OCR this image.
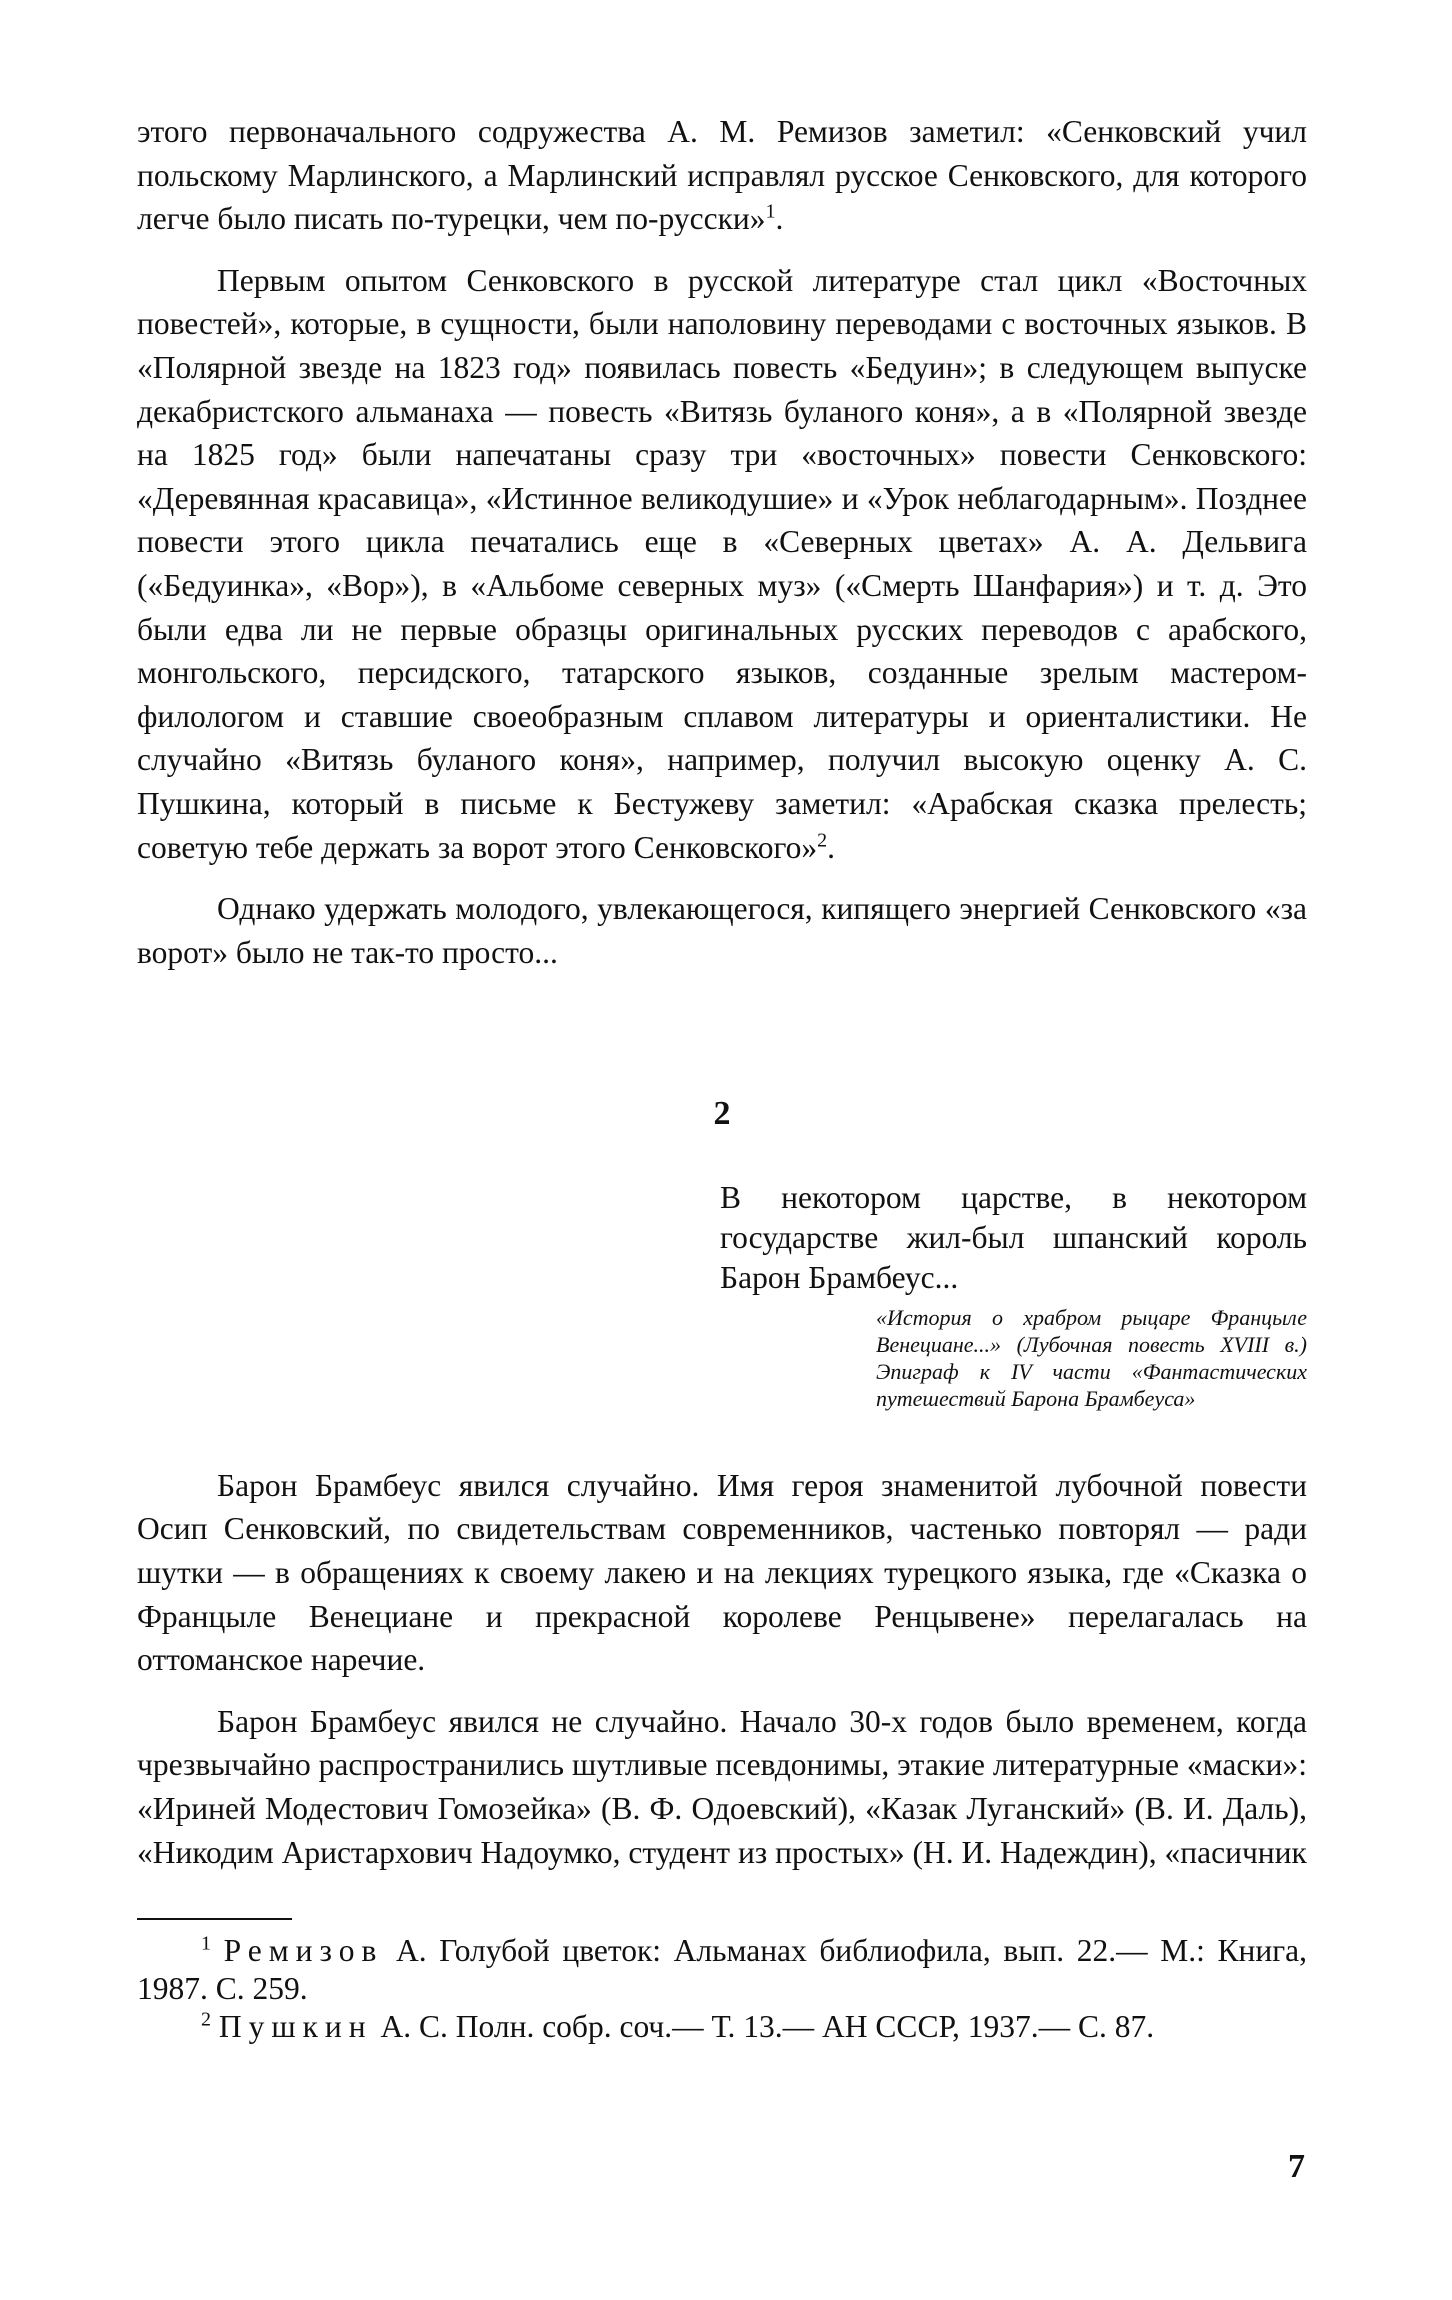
этого первоначального содружества А. М. Ремизов заметил: «Сенковский учил польскому Марлинского, а Марлинский исправлял русское Сенковского, для которого легче было писать по-турецки, чем по-русски»$^1$.

Первым опытом Сенковского в русской литературе стал цикл «Восточных повестей», которые, в сущности, были наполовину переводами с восточных языков. В «Полярной звезде на 1823 год» появилась повесть «Бедуин»; в следующем выпуске декабристского альманаха — повесть «Витязь буланого коня», а в «Полярной звезде на 1825 год» были напечатаны сразу три «восточных» повести Сенковского: «Деревянная красавица», «Истинное великодушие» и «Урок неблагодарным». Позднее повести этого цикла печатались еще в «Северных цветах» А. А. Дельвига («Бедуинка», «Вор»), в «Альбоме северных муз» («Смерть Шанфария») и т. д. Это были едва ли не первые образцы оригинальных русских переводов с арабского, монгольского, персидского, татарского языков, созданные зрелым мастером-филологом и ставшие своеобразным сплавом литературы и ориенталистики. Не случайно «Витязь буланого коня», например, получил высокую оценку А. С. Пушкина, который в письме к Бестужеву заметил: «Арабская сказка прелесть; советую тебе держать за ворот этого Сенковского»$^2$.

Однако удержать молодого, увлекающегося, кипящего энергией Сенковского «за ворот» было не так-то просто...

2

В некотором царстве, в некотором государстве жил-был шпанский король Барон Брамбеус...

«История о храбром рыцаре Францыле Венециане...» (Лубочная повесть XVIII в.) Эпиграф к IV части «Фантастических путешествий Барона Брамбеуса»

Барон Брамбеус явился случайно. Имя героя знаменитой лубочной повести Осип Сенковский, по свидетельствам современников, частенько повторял — ради шутки — в обращениях к своему лакею и на лекциях турецкого языка, где «Сказка о Францыле Венециане и прекрасной королеве Ренцывене» перелагалась на оттоманское наречие.

Барон Брамбеус явился не случайно. Начало 30-х годов было временем, когда чрезвычайно распространились шутливые псевдонимы, этакие литературные «маски»: «Ириней Модестович Гомозейка» (В. Ф. Одоевский), «Казак Луганский» (В. И. Даль), «Никодим Аристархович Надоумко, студент из простых» (Н. И. Надеждин), «пасичник

$^1$ Ремизов А. Голубой цветок: Альманах библиофила, вып. 22.— М.: Книга, 1987. С. 259.

$^2$ Пушкин А. С. Полн. собр. соч.— Т. 13.— АН СССР, 1937.— С. 87.

7
